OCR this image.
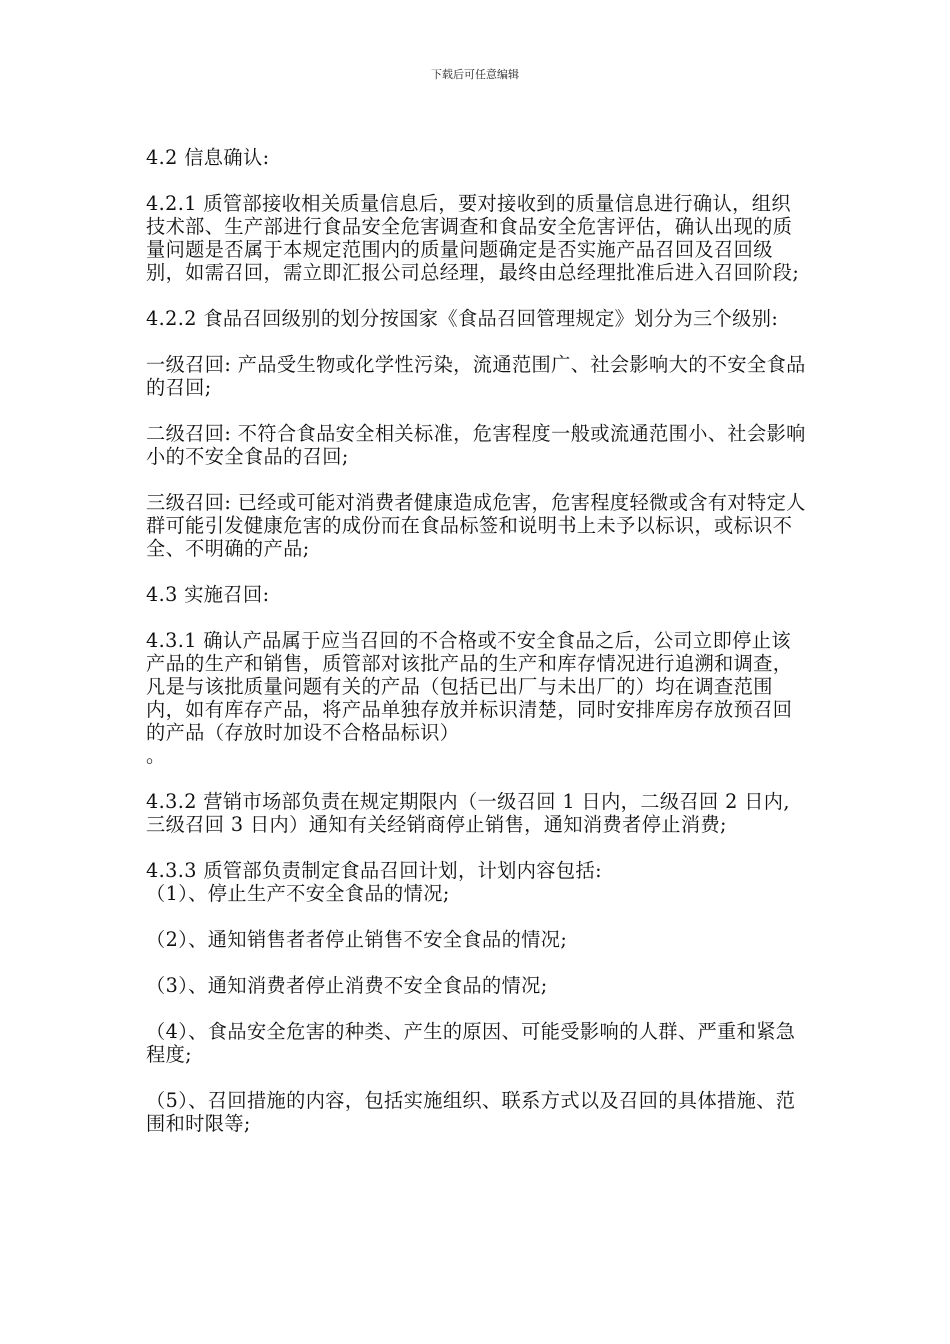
下载后可任意编辑

4.2 信息确认:

4.2.1 质管部接收相关质量信息后，要对接收到的质量信息进行确认，组织技术部、生产部进行食品安全危害调查和食品安全危害评估，确认出现的质量问题是否属于本规定范围内的质量问题确定是否实施产品召回及召回级别，如需召回，需立即汇报公司总经理，最终由总经理批准后进入召回阶段;

4.2.2 食品召回级别的划分按国家《食品召回管理规定》划分为三个级别:

一级召回: 产品受生物或化学性污染，流通范围广、社会影响大的不安全食品的召回;

二级召回: 不符合食品安全相关标准，危害程度一般或流通范围小、社会影响小的不安全食品的召回;

三级召回: 已经或可能对消费者健康造成危害，危害程度轻微或含有对特定人群可能引发健康危害的成份而在食品标签和说明书上未予以标识，或标识不全、不明确的产品;

4.3 实施召回:

4.3.1 确认产品属于应当召回的不合格或不安全食品之后，公司立即停止该产品的生产和销售，质管部对该批产品的生产和库存情况进行追溯和调查，凡是与该批质量问题有关的产品（包括已出厂与未出厂的）均在调查范围内，如有库存产品，将产品单独存放并标识清楚，同时安排库房存放预召回的产品（存放时加设不合格品标识）
。

4.3.2 营销市场部负责在规定期限内（一级召回 1 日内，二级召回 2 日内,
三级召回 3 日内）通知有关经销商停止销售，通知消费者停止消费;

4.3.3 质管部负责制定食品召回计划，计划内容包括:
（1）、停止生产不安全食品的情况;

（2）、通知销售者者停止销售不安全食品的情况;

（3）、通知消费者停止消费不安全食品的情况;

（4）、食品安全危害的种类、产生的原因、可能受影响的人群、严重和紧急程度;

（5）、召回措施的内容，包括实施组织、联系方式以及召回的具体措施、范围和时限等;
